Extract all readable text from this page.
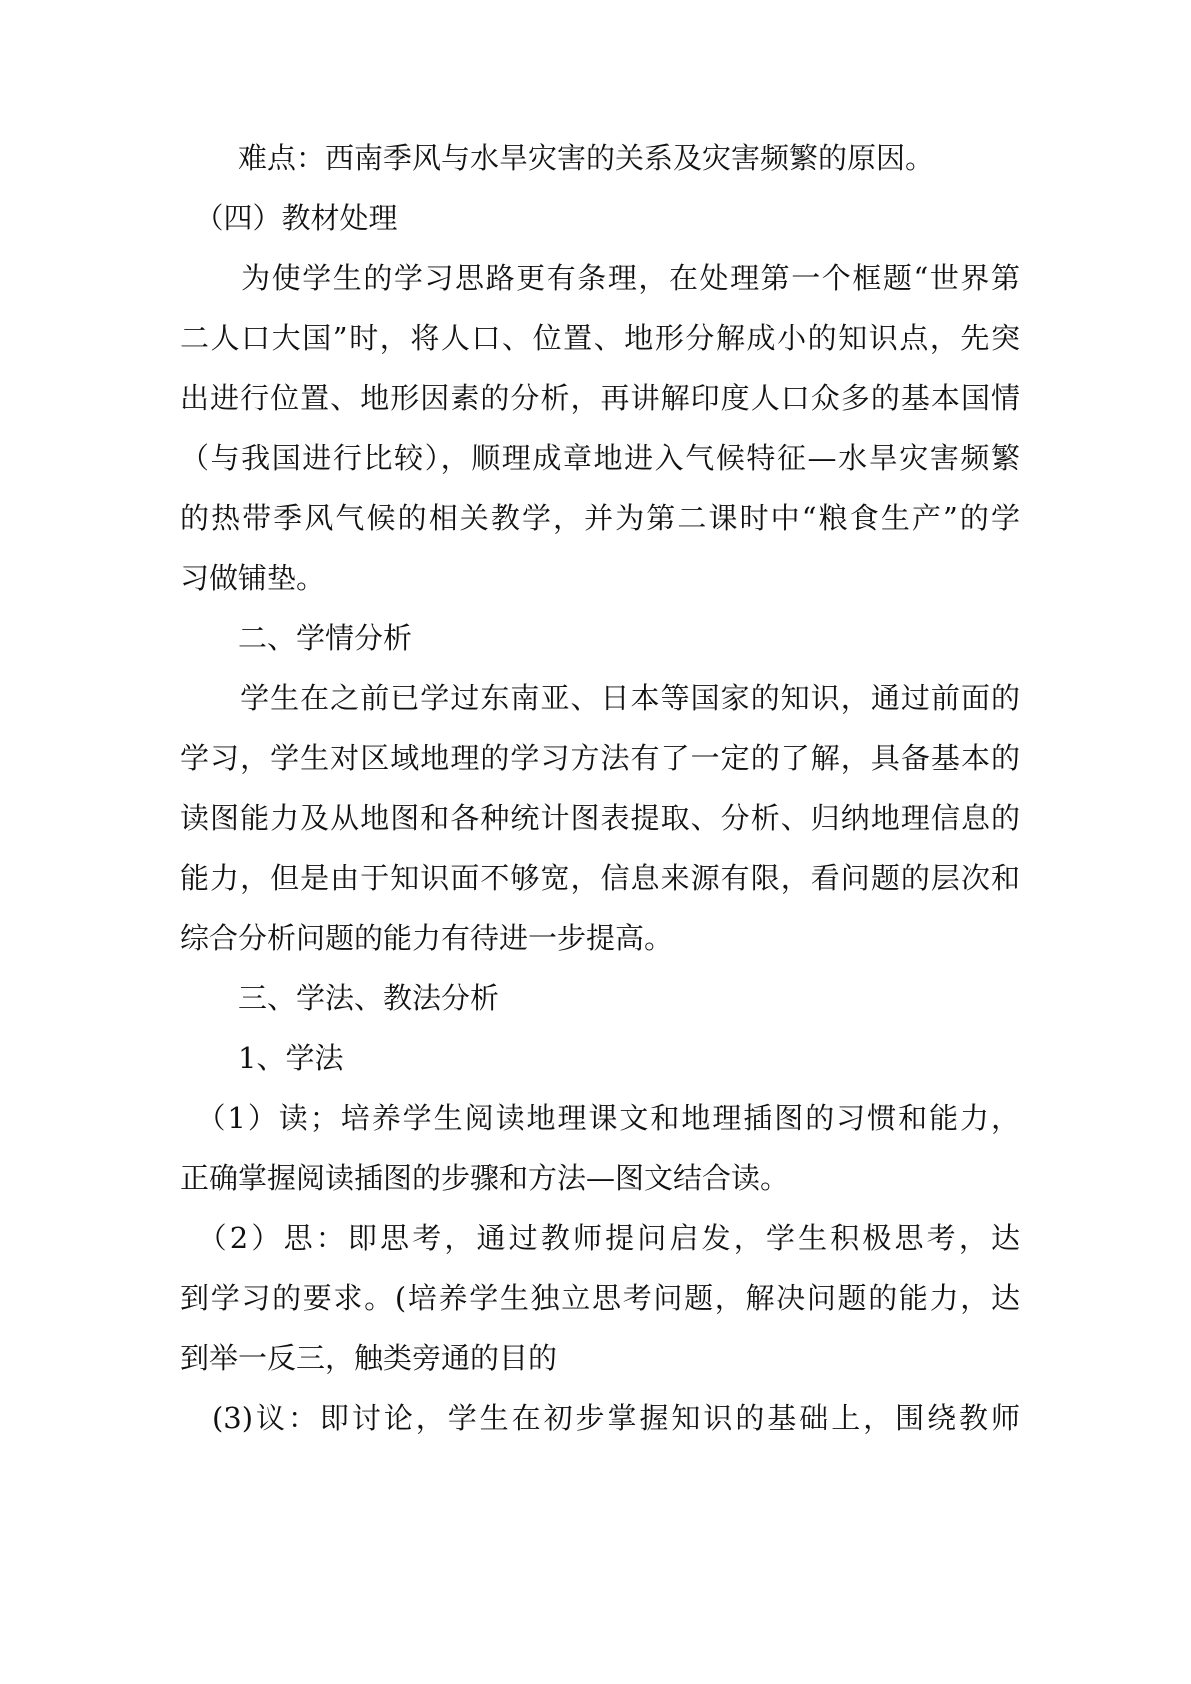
　　难点：西南季风与水旱灾害的关系及灾害频繁的原因。
　（四）教材处理
　　为使学生的学习思路更有条理，在处理第一个框题“世界第
二人口大国”时，将人口、位置、地形分解成小的知识点，先突
出进行位置、地形因素的分析，再讲解印度人口众多的基本国情
（与我国进行比较），顺理成章地进入气候特征—水旱灾害频繁
的热带季风气候的相关教学，并为第二课时中“粮食生产”的学
习做铺垫。
　　二、学情分析
　　学生在之前已学过东南亚、日本等国家的知识，通过前面的
学习，学生对区域地理的学习方法有了一定的了解，具备基本的
读图能力及从地图和各种统计图表提取、分析、归纳地理信息的
能力，但是由于知识面不够宽，信息来源有限，看问题的层次和
综合分析问题的能力有待进一步提高。
　　三、学法、教法分析
　　1、学法
　（1）读；培养学生阅读地理课文和地理插图的习惯和能力，
正确掌握阅读插图的步骤和方法—图文结合读。
　（2）思：即思考，通过教师提问启发，学生积极思考，达
到学习的要求。(培养学生独立思考问题，解决问题的能力，达
到举一反三，触类旁通的目的
　(3)议：即讨论，学生在初步掌握知识的基础上，围绕教师
